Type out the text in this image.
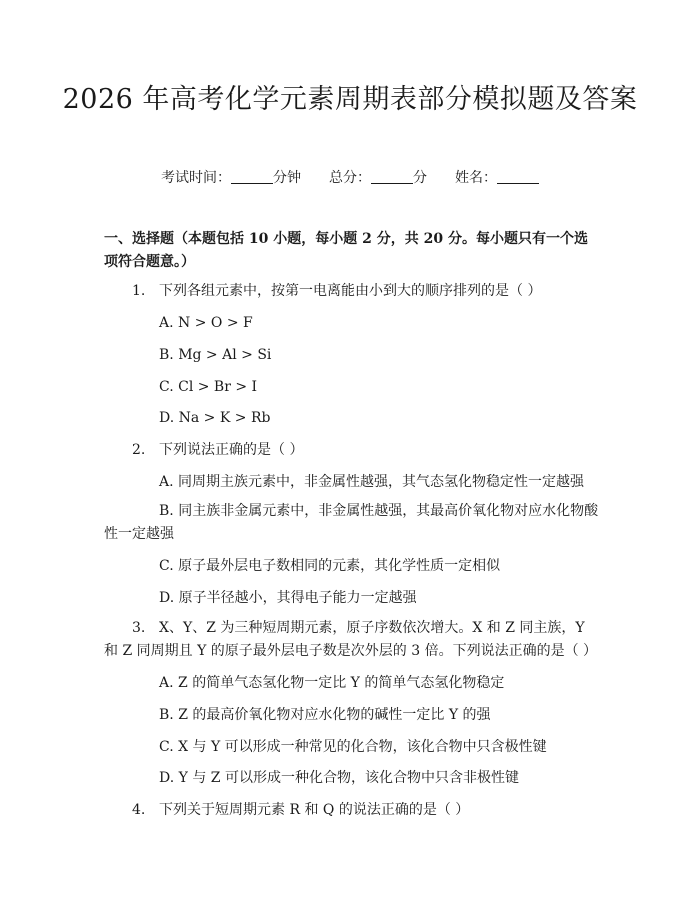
2026 年高考化学元素周期表部分模拟题及答案
考试时间：	分钟 总分：	分 姓名：
一、选择题（本题包括 10 小题，每小题 2 分，共 20 分。每小题只有一个选项符合题意。）
1. 下列各组元素中，按第一电离能由小到大的顺序排列的是（ ）
A. N > O > F
B. Mg > Al > Si
C. Cl > Br > I
D. Na > K > Rb
2. 下列说法正确的是（ ）
A. 同周期主族元素中，非金属性越强，其气态氢化物稳定性一定越强
B. 同主族非金属元素中，非金属性越强，其最高价氧化物对应水化物酸性一定越强
C. 原子最外层电子数相同的元素，其化学性质一定相似
D. 原子半径越小，其得电子能力一定越强
3. X、Y、Z 为三种短周期元素，原子序数依次增大。X 和 Z 同主族，Y 和 Z 同周期且 Y 的原子最外层电子数是次外层的 3 倍。下列说法正确的是（ ）
A. Z 的简单气态氢化物一定比 Y 的简单气态氢化物稳定
B. Z 的最高价氧化物对应水化物的碱性一定比 Y 的强
C. X 与 Y 可以形成一种常见的化合物，该化合物中只含极性键
D. Y 与 Z 可以形成一种化合物，该化合物中只含非极性键
4. 下列关于短周期元素 R 和 Q 的说法正确的是（ ）
